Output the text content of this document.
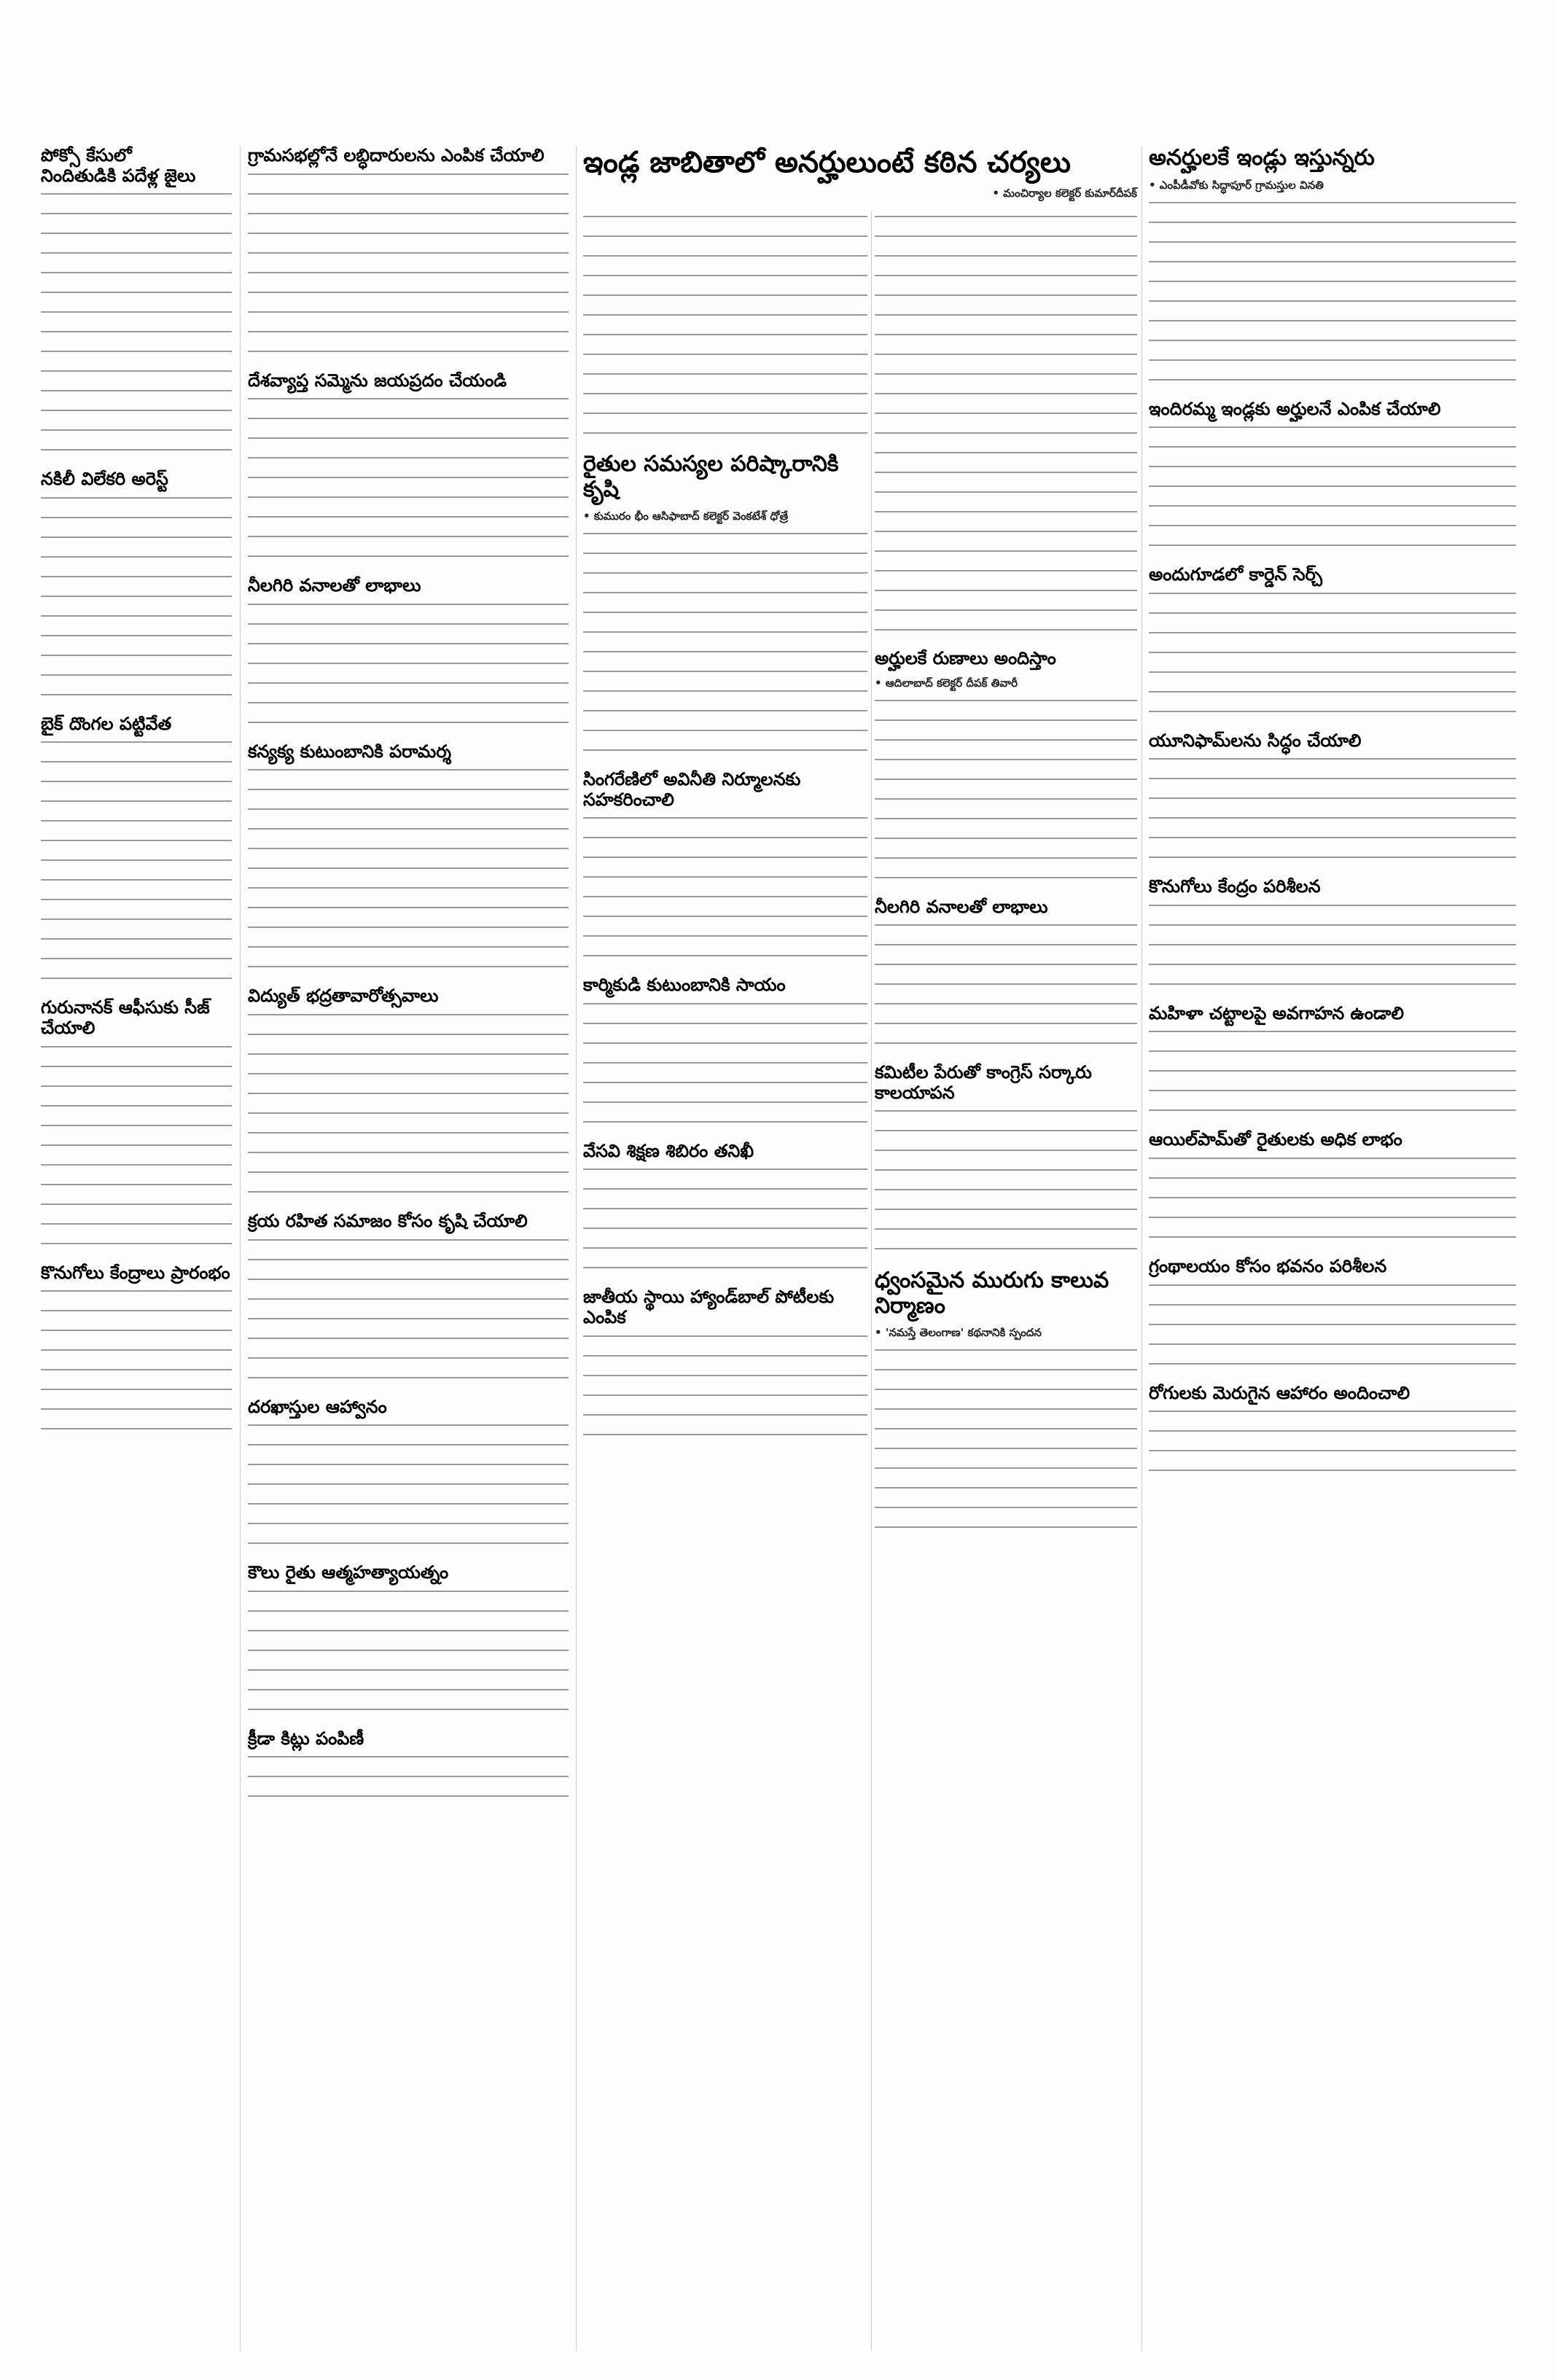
పోక్సో కేసులో
నిందితుడికి పదేళ్ల జైలు
నకిలీ విలేకరి అరెస్ట్
బైక్ దొంగల పట్టివేత
గురునానక్ ఆఫీసుకు సీజ్ చేయాలి
కొనుగోలు కేంద్రాలు ప్రారంభం
గ్రామసభల్లోనే లబ్ధిదారులను ఎంపిక చేయాలి
దేశవ్యాప్త సమ్మెను జయప్రదం చేయండి
నీలగిరి వనాలతో లాభాలు
కన్యక్య కుటుంబానికి పరామర్శ
విద్యుత్ భద్రతావారోత్సవాలు
క్రయ రహిత సమాజం కోసం కృషి చేయాలి
దరఖాస్తుల ఆహ్వానం
కౌలు రైతు ఆత్మహత్యాయత్నం
క్రీడా కిట్లు పంపిణీ
ఇండ్ల జాబితాలో అనర్హులుంటే కఠిన చర్యలు
• మంచిర్యాల కలెక్టర్ కుమార్‌దీపక్
రైతుల సమస్యల పరిష్కారానికి కృషి
• కుమురం భీం ఆసిఫాబాద్ కలెక్టర్ వెంకటేశ్ ధోత్రే
సింగరేణిలో అవినీతి నిర్మూలనకు సహకరించాలి
కార్మికుడి కుటుంబానికి సాయం
వేసవి శిక్షణ శిబిరం తనిఖీ
జాతీయ స్థాయి హ్యాండ్‌బాల్ పోటీలకు ఎంపిక
అర్హులకే రుణాలు అందిస్తాం
• ఆదిలాబాద్ కలెక్టర్ దీపక్ తివారీ
నీలగిరి వనాలతో లాభాలు
కమిటీల పేరుతో కాంగ్రెస్ సర్కారు కాలయాపన
ధ్వంసమైన మురుగు కాలువ నిర్మాణం
• 'నమస్తే తెలంగాణ' కథనానికి స్పందన
అనర్హులకే ఇండ్లు ఇస్తున్నరు
• ఎంపీడీవోకు సిద్ధాపూర్ గ్రామస్తుల వినతి
ఇందిరమ్మ ఇండ్లకు అర్హులనే ఎంపిక చేయాలి
అందుగూడలో కార్డెన్ సెర్చ్
యూనిఫామ్‌లను సిద్ధం చేయాలి
కొనుగోలు కేంద్రం పరిశీలన
మహిళా చట్టాలపై అవగాహన ఉండాలి
ఆయిల్‌పామ్‌తో రైతులకు అధిక లాభం
గ్రంథాలయం కోసం భవనం పరిశీలన
రోగులకు మెరుగైన ఆహారం అందించాలి
